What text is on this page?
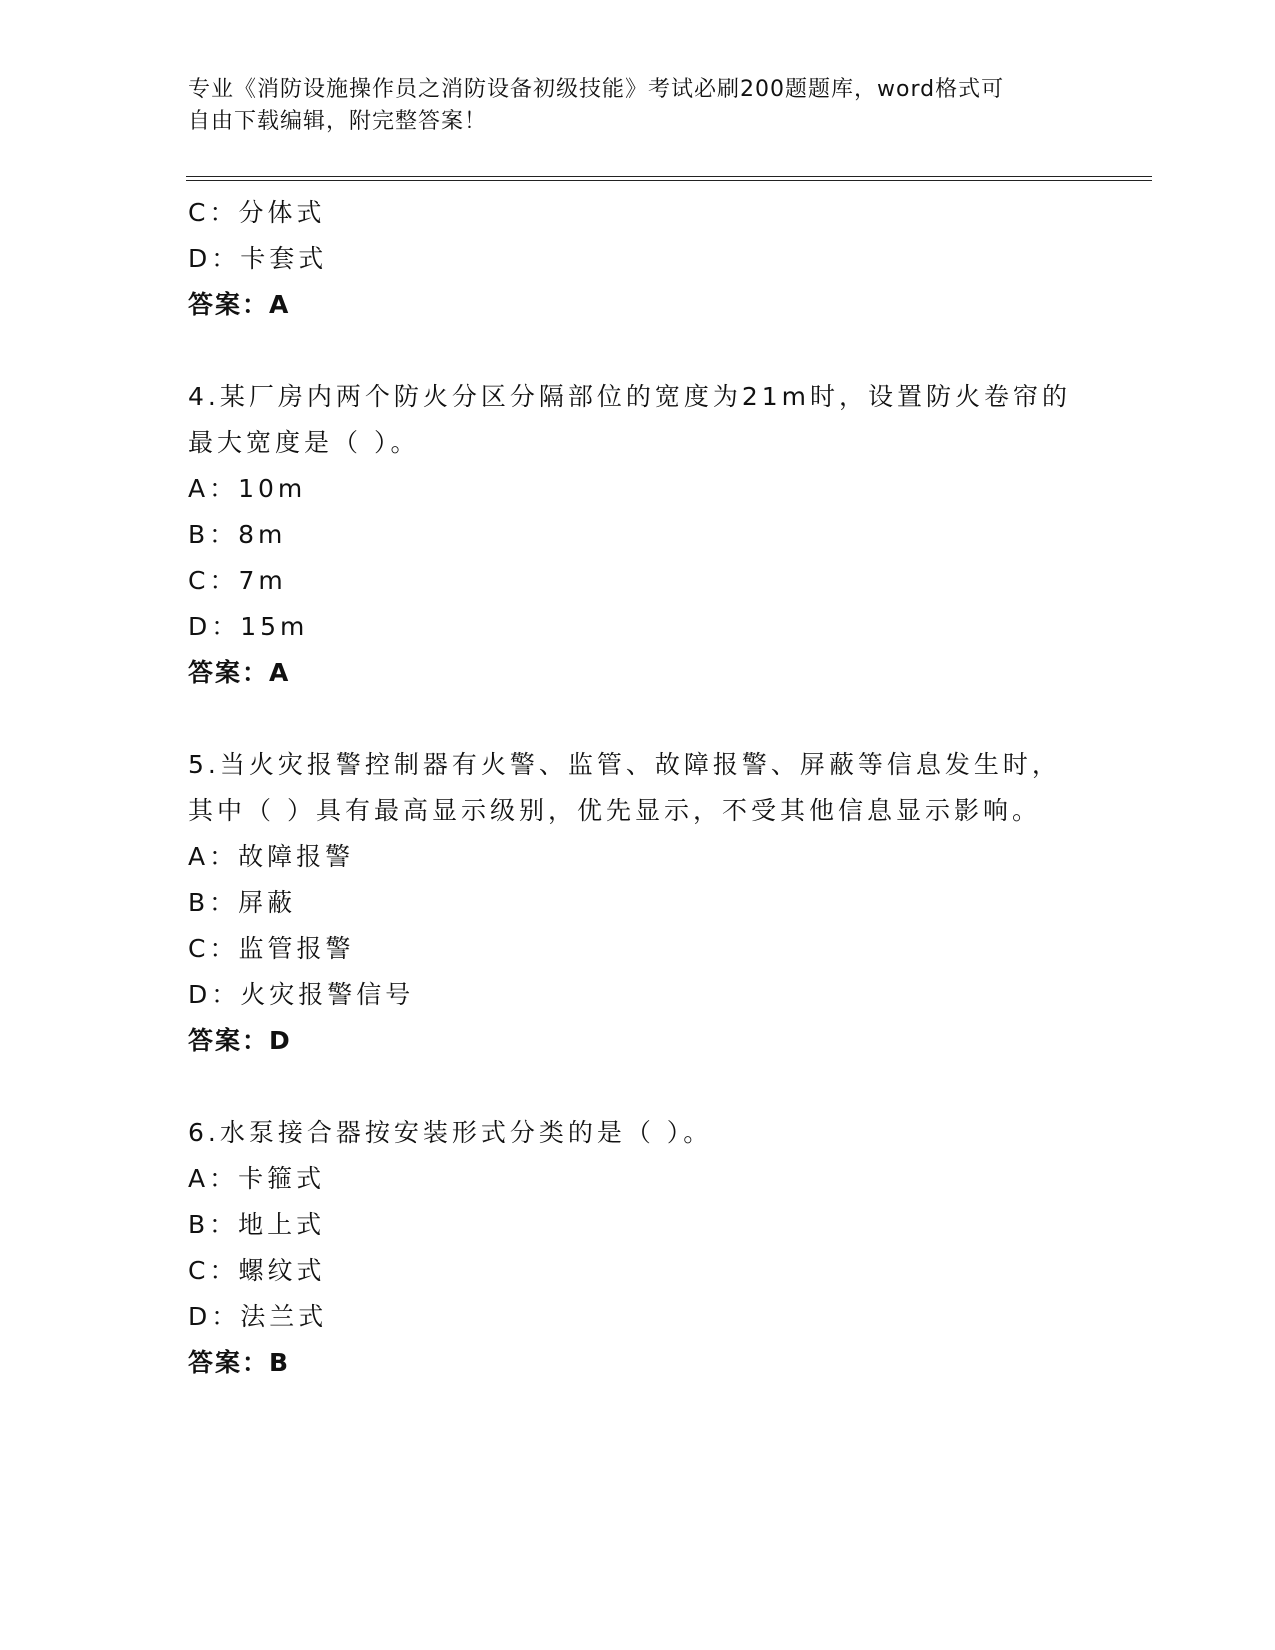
专业《消防设施操作员之消防设备初级技能》考试必刷200题题库，word格式可
自由下载编辑，附完整答案！
C：分体式
D：卡套式
答案：A
4.某厂房内两个防火分区分隔部位的宽度为21m时，设置防火卷帘的
最大宽度是（ ）。
A：10m
B：8m
C：7m
D：15m
答案：A
5.当火灾报警控制器有火警、监管、故障报警、屏蔽等信息发生时，
其中（ ）具有最高显示级别，优先显示，不受其他信息显示影响。
A：故障报警
B：屏蔽
C：监管报警
D：火灾报警信号
答案：D
6.水泵接合器按安装形式分类的是（ ）。
A：卡箍式
B：地上式
C：螺纹式
D：法兰式
答案：B
